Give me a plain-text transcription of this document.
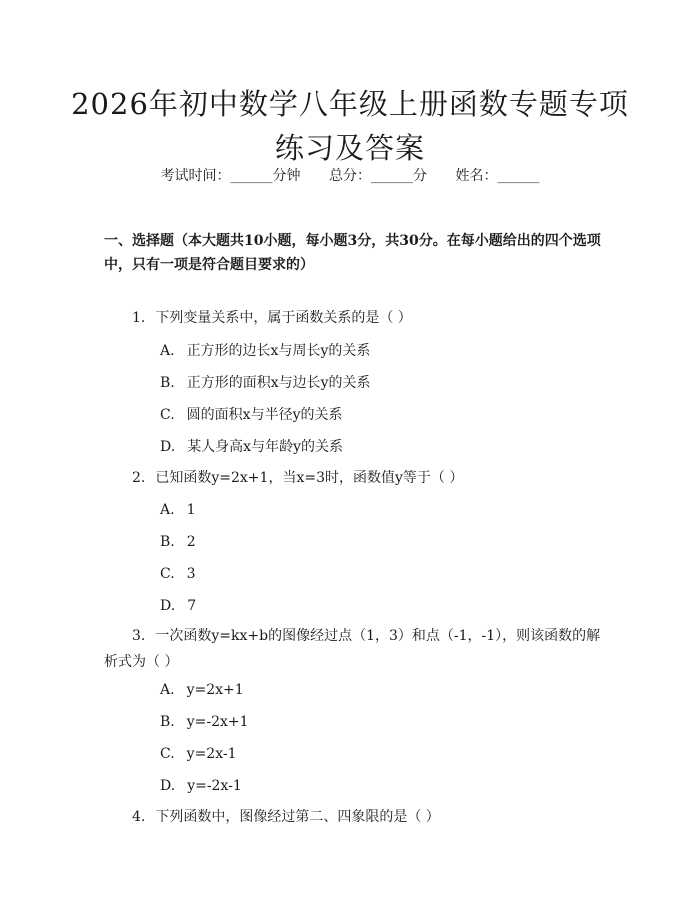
2026年初中数学八年级上册函数专题专项练习及答案
考试时间：______分钟 总分：______分 姓名：______

一、选择题（本大题共10小题，每小题3分，共30分。在每小题给出的四个选项中，只有一项是符合题目要求的）

1. 下列变量关系中，属于函数关系的是（ ）

A. 正方形的边长x与周长y的关系

B. 正方形的面积x与边长y的关系

C. 圆的面积x与半径y的关系

D. 某人身高x与年龄y的关系

2. 已知函数y=2x+1，当x=3时，函数值y等于（ ）

A. 1

B. 2

C. 3

D. 7

3. 一次函数y=kx+b的图像经过点（1，3）和点（-1，-1），则该函数的解析式为（ ）

A. y=2x+1

B. y=-2x+1

C. y=2x-1

D. y=-2x-1

4. 下列函数中，图像经过第二、四象限的是（ ）
